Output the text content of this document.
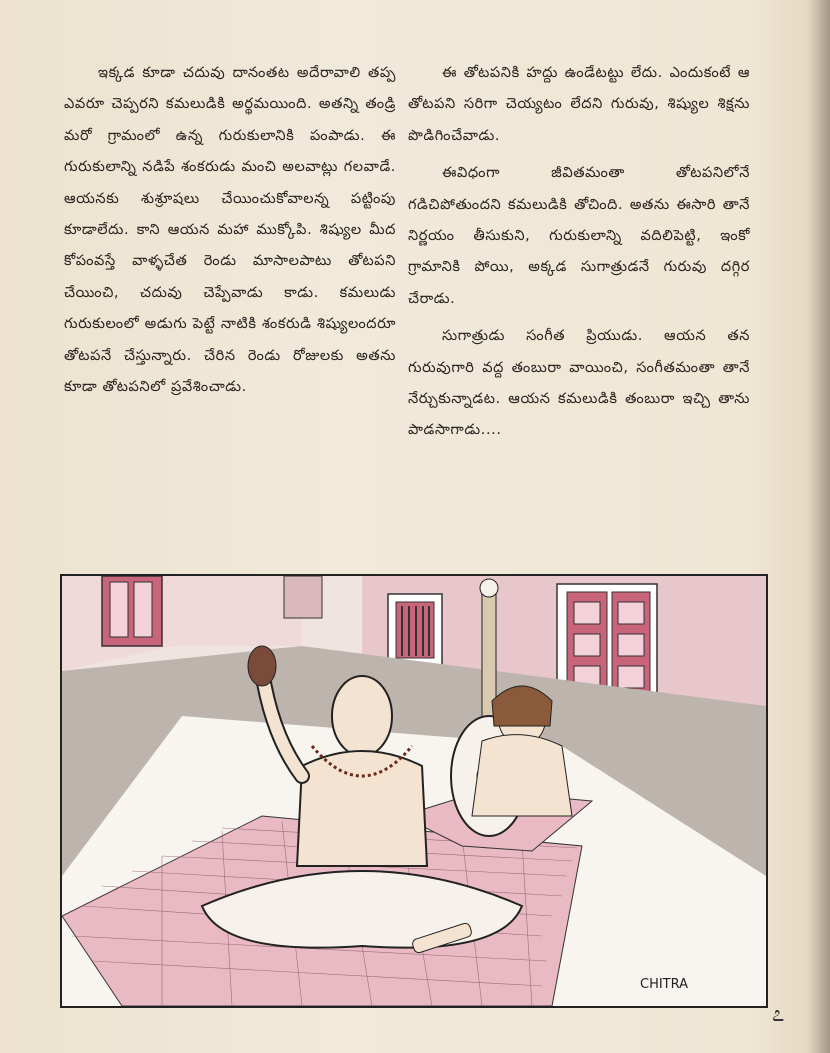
ఇక్కడ కూడా చదువు దానంతట అదేరావాలి తప్ప ఎవరూ చెప్పరని కమలుడికి అర్థమయింది. అతన్ని తండ్రి మరో గ్రామంలో ఉన్న గురుకులానికి పంపాడు. ఈ గురుకులాన్ని నడిపే శంకరుడు మంచి అలవాట్లు గలవాడే. ఆయనకు శుశ్రూషలు చేయించుకోవాలన్న పట్టింపు కూడాలేదు. కాని ఆయన మహా ముక్కోపి. శిష్యుల మీద కోపంవస్తే వాళ్ళచేత రెండు మాసాలపాటు తోటపని చేయించి, చదువు చెప్పేవాడు కాడు. కమలుడు గురుకులంలో అడుగు పెట్టే నాటికి శంకరుడి శిష్యులందరూ తోటపనే చేస్తున్నారు. చేరిన రెండు రోజులకు అతను కూడా తోటపనిలో ప్రవేశించాడు.

ఈ తోటపనికి హద్దు ఉండేటట్టు లేదు. ఎందుకంటే ఆ తోటపని సరిగా చెయ్యటం లేదని గురువు, శిష్యుల శిక్షను పొడిగించేవాడు.

ఈవిధంగా జీవితమంతా తోటపనిలోనే గడిచిపోతుందని కమలుడికి తోచింది. అతను ఈసారి తానే నిర్ణయం తీసుకుని, గురుకులాన్ని వదిలిపెట్టి, ఇంకో గ్రామానికి పోయి, అక్కడ సుగాత్రుడనే గురువు దగ్గిర చేరాడు.

సుగాత్రుడు సంగీత ప్రియుడు. ఆయన తన గురువుగారి వద్ద తంబురా వాయించి, సంగీతమంతా తానే నేర్చుకున్నాడట. ఆయన కమలుడికి తంబురా ఇచ్చి తాను పాడసాగాడు....

CHITRA
೭
